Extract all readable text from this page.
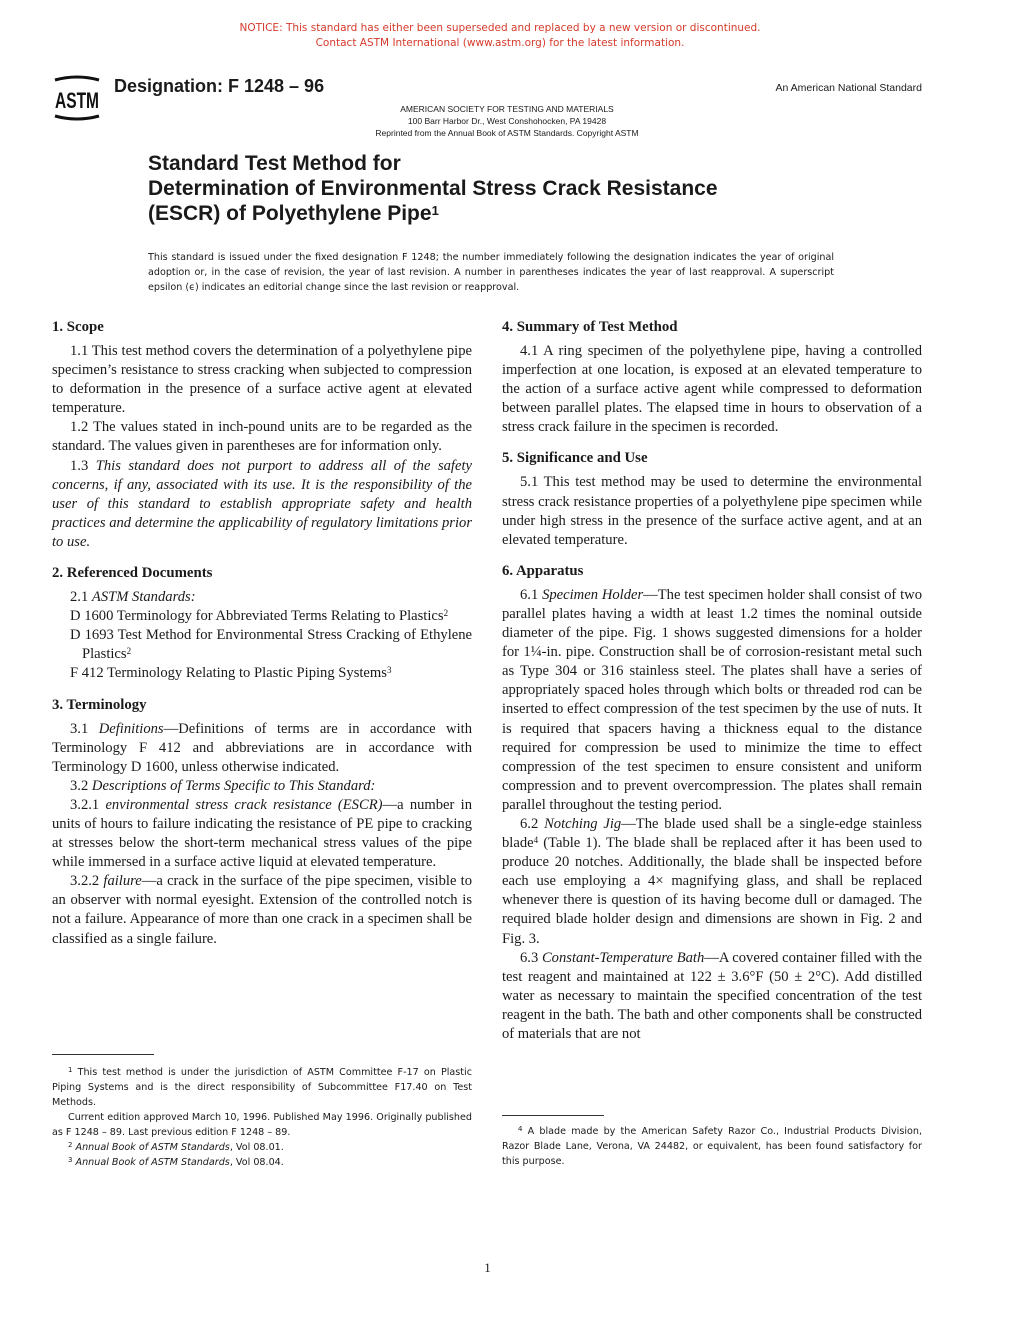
NOTICE: This standard has either been superseded and replaced by a new version or discontinued.
Contact ASTM International (www.astm.org) for the latest information.
ASTM
Designation: F 1248 – 96	An American National Standard
AMERICAN SOCIETY FOR TESTING AND MATERIALS
100 Barr Harbor Dr., West Conshohocken, PA 19428
Reprinted from the Annual Book of ASTM Standards. Copyright ASTM
Standard Test Method for
Determination of Environmental Stress Crack Resistance
(ESCR) of Polyethylene Pipe$^1$
This standard is issued under the fixed designation F 1248; the number immediately following the designation indicates the year of original adoption or, in the case of revision, the year of last revision. A number in parentheses indicates the year of last reapproval. A superscript epsilon (ϵ) indicates an editorial change since the last revision or reapproval.
1. Scope

1.1 This test method covers the determination of a polyethylene pipe specimen’s resistance to stress cracking when subjected to compression to deformation in the presence of a surface active agent at elevated temperature.

1.2 The values stated in inch-pound units are to be regarded as the standard. The values given in parentheses are for information only.

1.3 This standard does not purport to address all of the safety concerns, if any, associated with its use. It is the responsibility of the user of this standard to establish appropriate safety and health practices and determine the applicability of regulatory limitations prior to use.

2. Referenced Documents

2.1 ASTM Standards:

D 1600 Terminology for Abbreviated Terms Relating to Plastics$^2$
D 1693 Test Method for Environmental Stress Cracking of Ethylene Plastics$^2$
F 412 Terminology Relating to Plastic Piping Systems$^3$
3. Terminology

3.1 Definitions—Definitions of terms are in accordance with Terminology F 412 and abbreviations are in accordance with Terminology D 1600, unless otherwise indicated.

3.2 Descriptions of Terms Specific to This Standard:

3.2.1 environmental stress crack resistance (ESCR)—a number in units of hours to failure indicating the resistance of PE pipe to cracking at stresses below the short-term mechanical stress values of the pipe while immersed in a surface active liquid at elevated temperature.

3.2.2 failure—a crack in the surface of the pipe specimen, visible to an observer with normal eyesight. Extension of the controlled notch is not a failure. Appearance of more than one crack in a specimen shall be classified as a single failure.

4. Summary of Test Method

4.1 A ring specimen of the polyethylene pipe, having a controlled imperfection at one location, is exposed at an elevated temperature to the action of a surface active agent while compressed to deformation between parallel plates. The elapsed time in hours to observation of a stress crack failure in the specimen is recorded.

5. Significance and Use

5.1 This test method may be used to determine the environmental stress crack resistance properties of a polyethylene pipe specimen while under high stress in the presence of the surface active agent, and at an elevated temperature.

6. Apparatus

6.1 Specimen Holder—The test specimen holder shall consist of two parallel plates having a width at least 1.2 times the nominal outside diameter of the pipe. Fig. 1 shows suggested dimensions for a holder for 1¼-in. pipe. Construction shall be of corrosion-resistant metal such as Type 304 or 316 stainless steel. The plates shall have a series of appropriately spaced holes through which bolts or threaded rod can be inserted to effect compression of the test specimen by the use of nuts. It is required that spacers having a thickness equal to the distance required for compression be used to minimize the time to effect compression of the test specimen to ensure consistent and uniform compression and to prevent overcompression. The plates shall remain parallel throughout the testing period.

6.2 Notching Jig—The blade used shall be a single-edge stainless blade$^4$ (Table 1). The blade shall be replaced after it has been used to produce 20 notches. Additionally, the blade shall be inspected before each use employing a 4× magnifying glass, and shall be replaced whenever there is question of its having become dull or damaged. The required blade holder design and dimensions are shown in Fig. 2 and Fig. 3.

6.3 Constant-Temperature Bath—A covered container filled with the test reagent and maintained at 122 ± 3.6°F (50 ± 2°C). Add distilled water as necessary to maintain the specified concentration of the test reagent in the bath. The bath and other components shall be constructed of materials that are not

$^1$ This test method is under the jurisdiction of ASTM Committee F-17 on Plastic Piping Systems and is the direct responsibility of Subcommittee F17.40 on Test Methods.

Current edition approved March 10, 1996. Published May 1996. Originally published as F 1248 – 89. Last previous edition F 1248 – 89.

$^2$ Annual Book of ASTM Standards, Vol 08.01.

$^3$ Annual Book of ASTM Standards, Vol 08.04.

$^4$ A blade made by the American Safety Razor Co., Industrial Products Division, Razor Blade Lane, Verona, VA 24482, or equivalent, has been found satisfactory for this purpose.

1
